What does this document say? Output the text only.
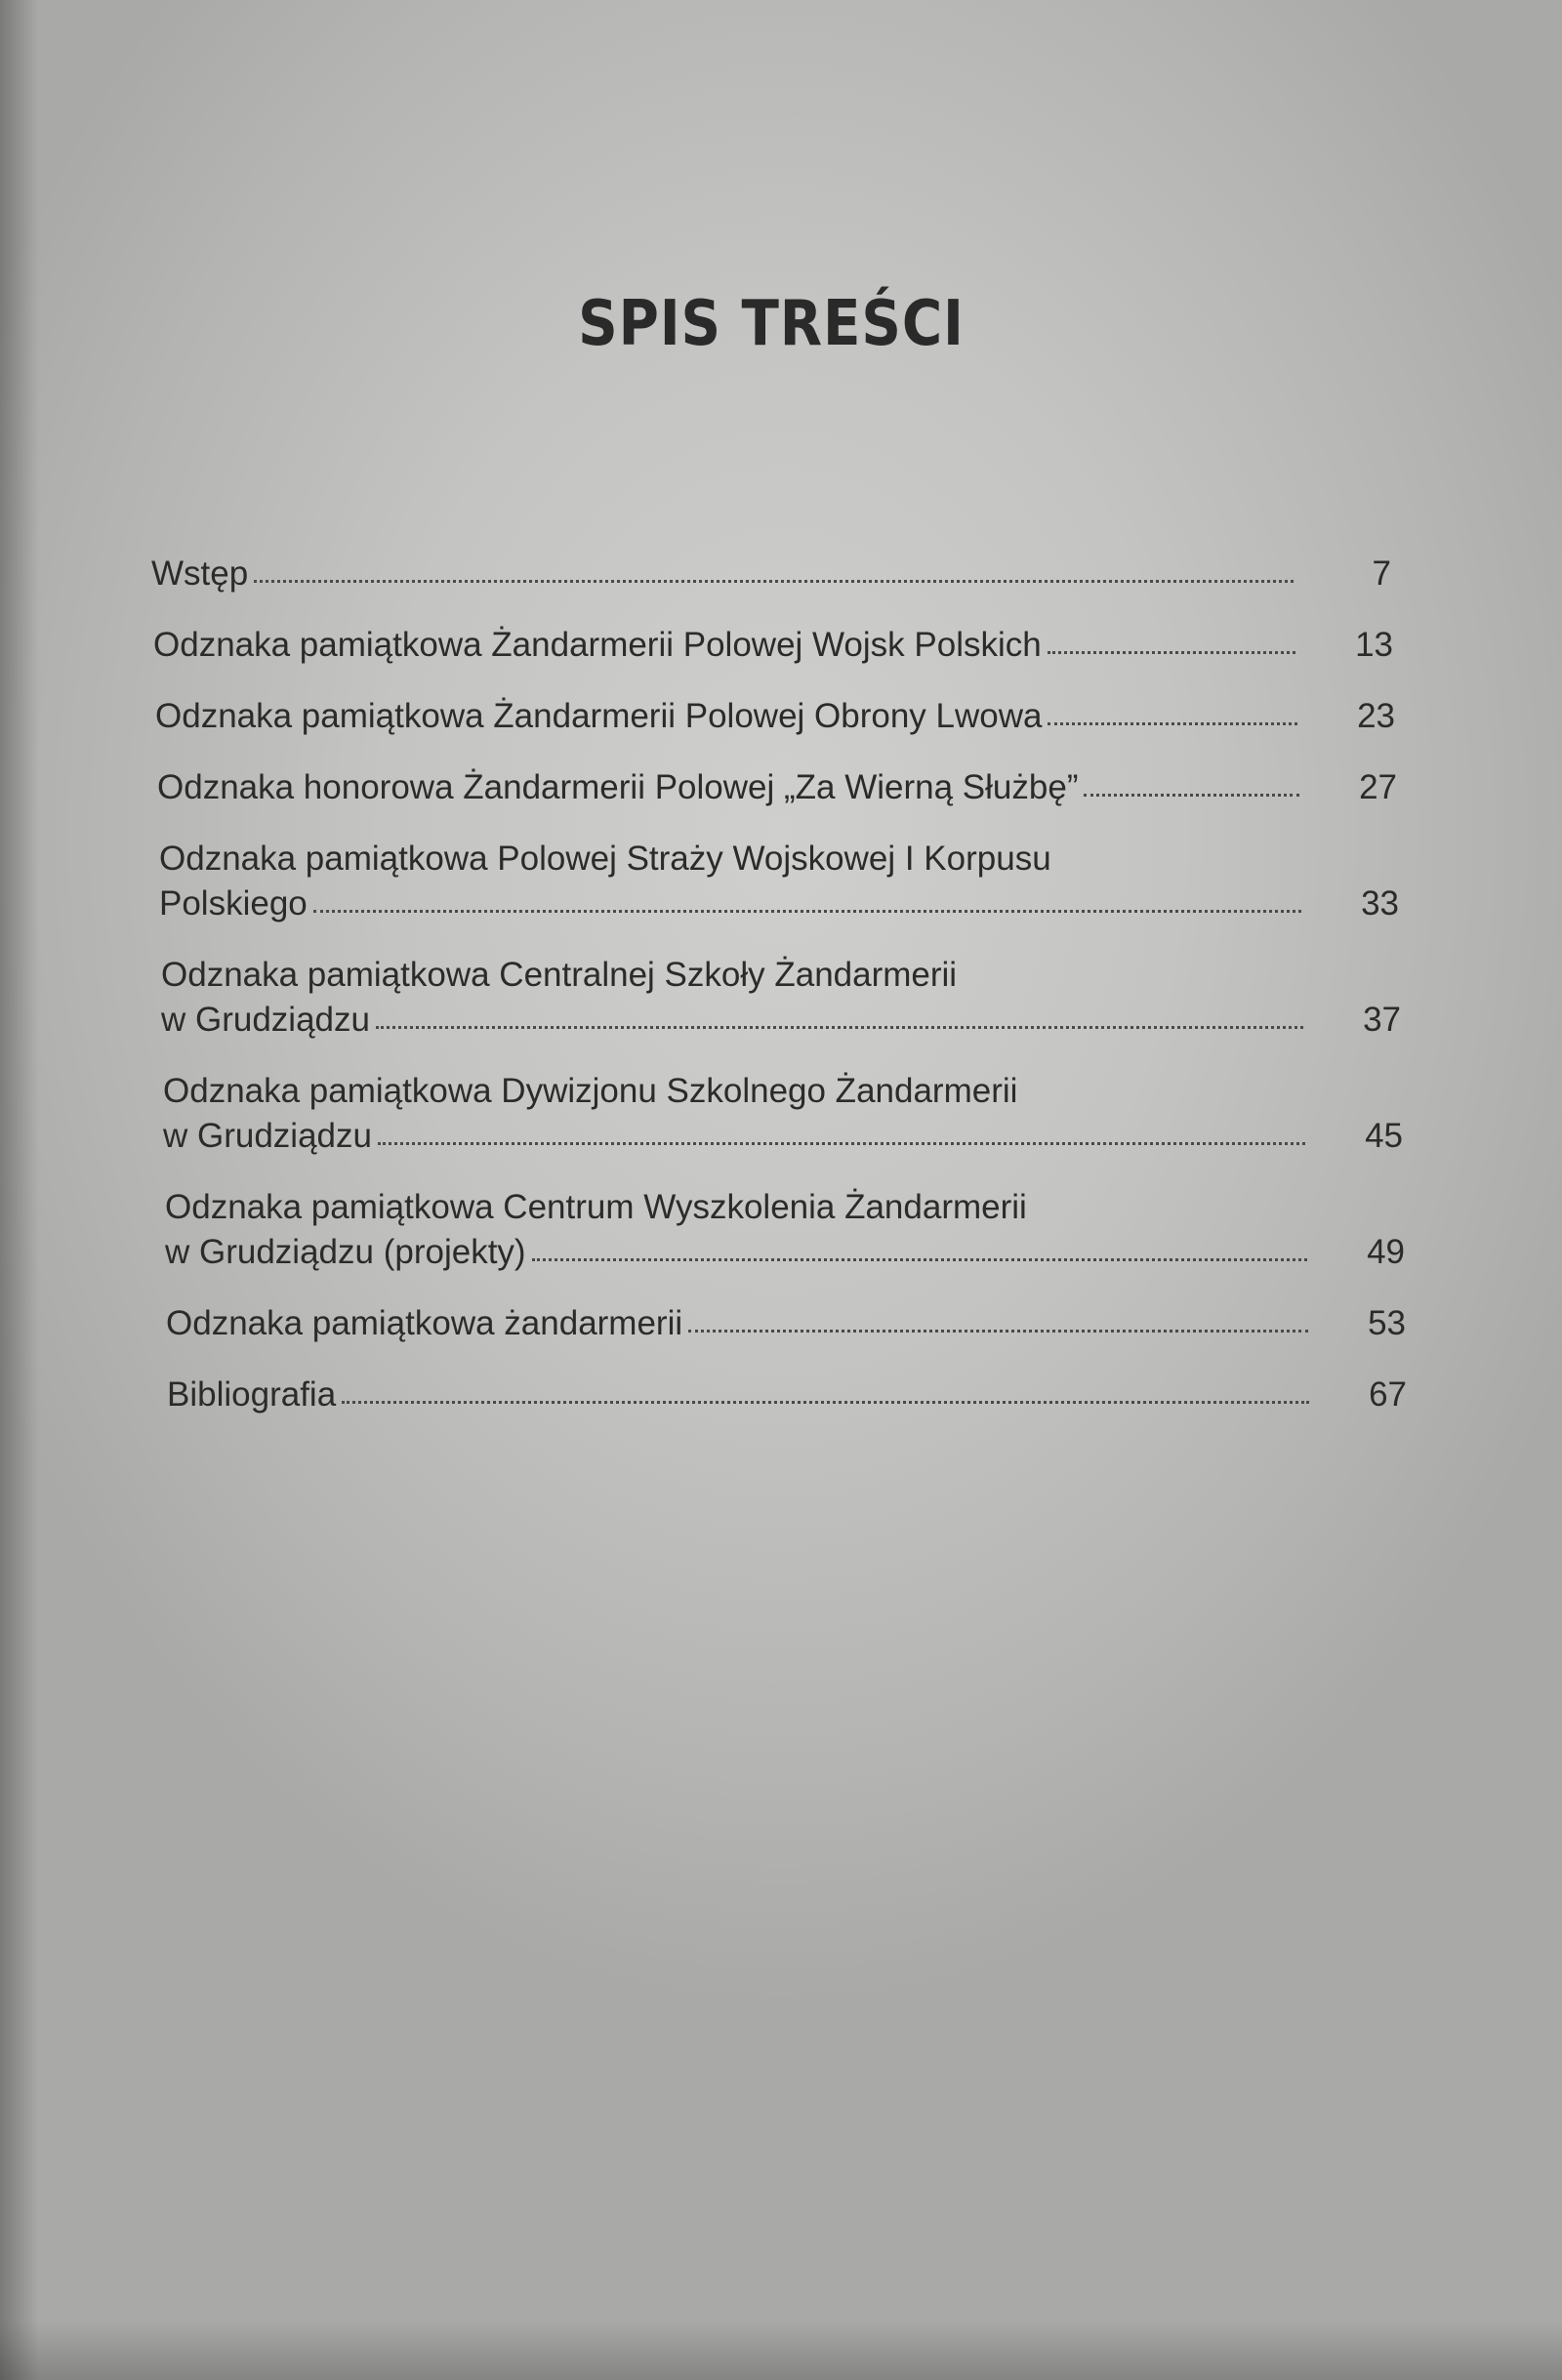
SPIS TREŚCI
Wstęp	7
Odznaka pamiątkowa Żandarmerii Polowej Wojsk Polskich	13
Odznaka pamiątkowa Żandarmerii Polowej Obrony Lwowa	23
Odznaka honorowa Żandarmerii Polowej „Za Wierną Służbę”	27
Odznaka pamiątkowa Polowej Straży Wojskowej I Korpusu
Polskiego	33
Odznaka pamiątkowa Centralnej Szkoły Żandarmerii
w Grudziądzu	37
Odznaka pamiątkowa Dywizjonu Szkolnego Żandarmerii
w Grudziądzu	45
Odznaka pamiątkowa Centrum Wyszkolenia Żandarmerii
w Grudziądzu (projekty)	49
Odznaka pamiątkowa żandarmerii	53
Bibliografia	67
